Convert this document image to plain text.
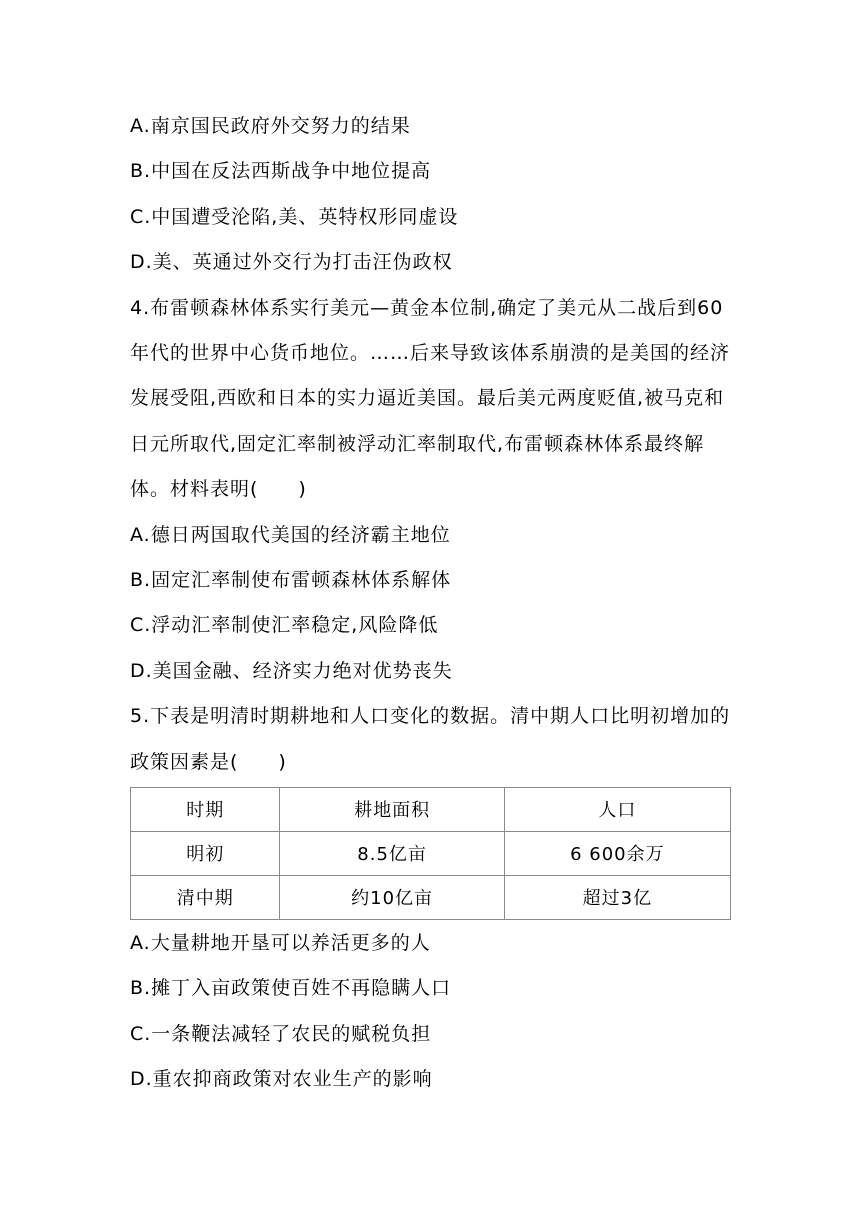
A.南京国民政府外交努力的结果
B.中国在反法西斯战争中地位提高
C.中国遭受沦陷,美、英特权形同虚设
D.美、英通过外交行为打击汪伪政权
4.布雷顿森林体系实行美元—黄金本位制,确定了美元从二战后到60
年代的世界中心货币地位。……后来导致该体系崩溃的是美国的经济
发展受阻,西欧和日本的实力逼近美国。最后美元两度贬值,被马克和
日元所取代,固定汇率制被浮动汇率制取代,布雷顿森林体系最终解
体。材料表明(　　)
A.德日两国取代美国的经济霸主地位
B.固定汇率制使布雷顿森林体系解体
C.浮动汇率制使汇率稳定,风险降低
D.美国金融、经济实力绝对优势丧失
5.下表是明清时期耕地和人口变化的数据。清中期人口比明初增加的
政策因素是(　　)
时期	耕地面积	人口
明初	8.5亿亩	6 600余万
清中期	约10亿亩	超过3亿
A.大量耕地开垦可以养活更多的人
B.摊丁入亩政策使百姓不再隐瞒人口
C.一条鞭法减轻了农民的赋税负担
D.重农抑商政策对农业生产的影响
